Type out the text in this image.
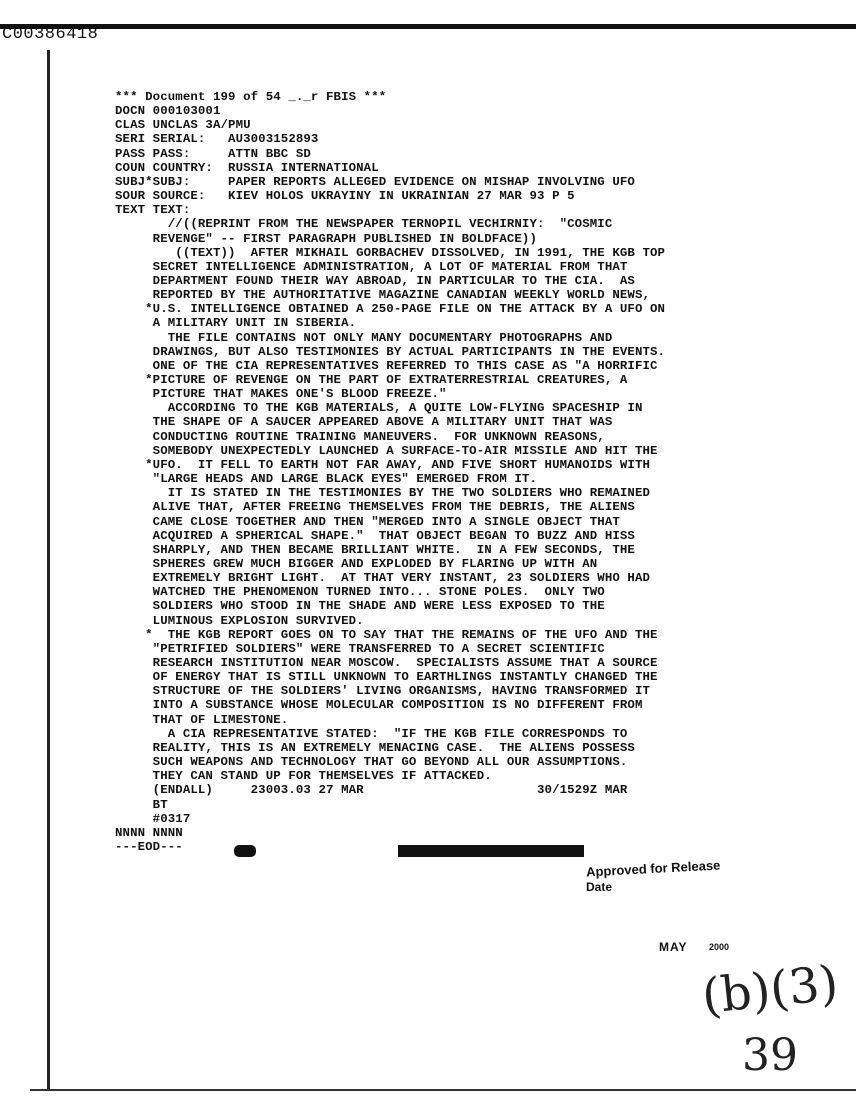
C00386418
*** Document 199 of 54 _._r FBIS ***
DOCN 000103001
CLAS UNCLAS 3A/PMU
SERI SERIAL:   AU3003152893
PASS PASS:     ATTN BBC SD
COUN COUNTRY:  RUSSIA INTERNATIONAL
SUBJ*SUBJ:     PAPER REPORTS ALLEGED EVIDENCE ON MISHAP INVOLVING UFO
SOUR SOURCE:   KIEV HOLOS UKRAYINY IN UKRAINIAN 27 MAR 93 P 5
TEXT TEXT:
//((REPRINT FROM THE NEWSPAPER TERNOPIL VECHIRNIY:  "COSMIC
REVENGE" -- FIRST PARAGRAPH PUBLISHED IN BOLDFACE))
((TEXT))  AFTER MIKHAIL GORBACHEV DISSOLVED, IN 1991, THE KGB TOP
SECRET INTELLIGENCE ADMINISTRATION, A LOT OF MATERIAL FROM THAT
DEPARTMENT FOUND THEIR WAY ABROAD, IN PARTICULAR TO THE CIA.  AS
REPORTED BY THE AUTHORITATIVE MAGAZINE CANADIAN WEEKLY WORLD NEWS,
*U.S. INTELLIGENCE OBTAINED A 250-PAGE FILE ON THE ATTACK BY A UFO ON
A MILITARY UNIT IN SIBERIA.
THE FILE CONTAINS NOT ONLY MANY DOCUMENTARY PHOTOGRAPHS AND
DRAWINGS, BUT ALSO TESTIMONIES BY ACTUAL PARTICIPANTS IN THE EVENTS.
ONE OF THE CIA REPRESENTATIVES REFERRED TO THIS CASE AS "A HORRIFIC
*PICTURE OF REVENGE ON THE PART OF EXTRATERRESTRIAL CREATURES, A
PICTURE THAT MAKES ONE'S BLOOD FREEZE."
ACCORDING TO THE KGB MATERIALS, A QUITE LOW-FLYING SPACESHIP IN
THE SHAPE OF A SAUCER APPEARED ABOVE A MILITARY UNIT THAT WAS
CONDUCTING ROUTINE TRAINING MANEUVERS.  FOR UNKNOWN REASONS,
SOMEBODY UNEXPECTEDLY LAUNCHED A SURFACE-TO-AIR MISSILE AND HIT THE
*UFO.  IT FELL TO EARTH NOT FAR AWAY, AND FIVE SHORT HUMANOIDS WITH
"LARGE HEADS AND LARGE BLACK EYES" EMERGED FROM IT.
IT IS STATED IN THE TESTIMONIES BY THE TWO SOLDIERS WHO REMAINED
ALIVE THAT, AFTER FREEING THEMSELVES FROM THE DEBRIS, THE ALIENS
CAME CLOSE TOGETHER AND THEN "MERGED INTO A SINGLE OBJECT THAT
ACQUIRED A SPHERICAL SHAPE."  THAT OBJECT BEGAN TO BUZZ AND HISS
SHARPLY, AND THEN BECAME BRILLIANT WHITE.  IN A FEW SECONDS, THE
SPHERES GREW MUCH BIGGER AND EXPLODED BY FLARING UP WITH AN
EXTREMELY BRIGHT LIGHT.  AT THAT VERY INSTANT, 23 SOLDIERS WHO HAD
WATCHED THE PHENOMENON TURNED INTO... STONE POLES.  ONLY TWO
SOLDIERS WHO STOOD IN THE SHADE AND WERE LESS EXPOSED TO THE
LUMINOUS EXPLOSION SURVIVED.
*  THE KGB REPORT GOES ON TO SAY THAT THE REMAINS OF THE UFO AND THE
"PETRIFIED SOLDIERS" WERE TRANSFERRED TO A SECRET SCIENTIFIC
RESEARCH INSTITUTION NEAR MOSCOW.  SPECIALISTS ASSUME THAT A SOURCE
OF ENERGY THAT IS STILL UNKNOWN TO EARTHLINGS INSTANTLY CHANGED THE
STRUCTURE OF THE SOLDIERS' LIVING ORGANISMS, HAVING TRANSFORMED IT
INTO A SUBSTANCE WHOSE MOLECULAR COMPOSITION IS NO DIFFERENT FROM
THAT OF LIMESTONE.
A CIA REPRESENTATIVE STATED:  "IF THE KGB FILE CORRESPONDS TO
REALITY, THIS IS AN EXTREMELY MENACING CASE.  THE ALIENS POSSESS
SUCH WEAPONS AND TECHNOLOGY THAT GO BEYOND ALL OUR ASSUMPTIONS.
THEY CAN STAND UP FOR THEMSELVES IF ATTACKED.
(ENDALL)     23003.03 27 MAR                       30/1529Z MAR
BT
#0317
NNNN NNNN
---EOD---
Approved for Release
Date
MAY 2000
(b)(3)
39
